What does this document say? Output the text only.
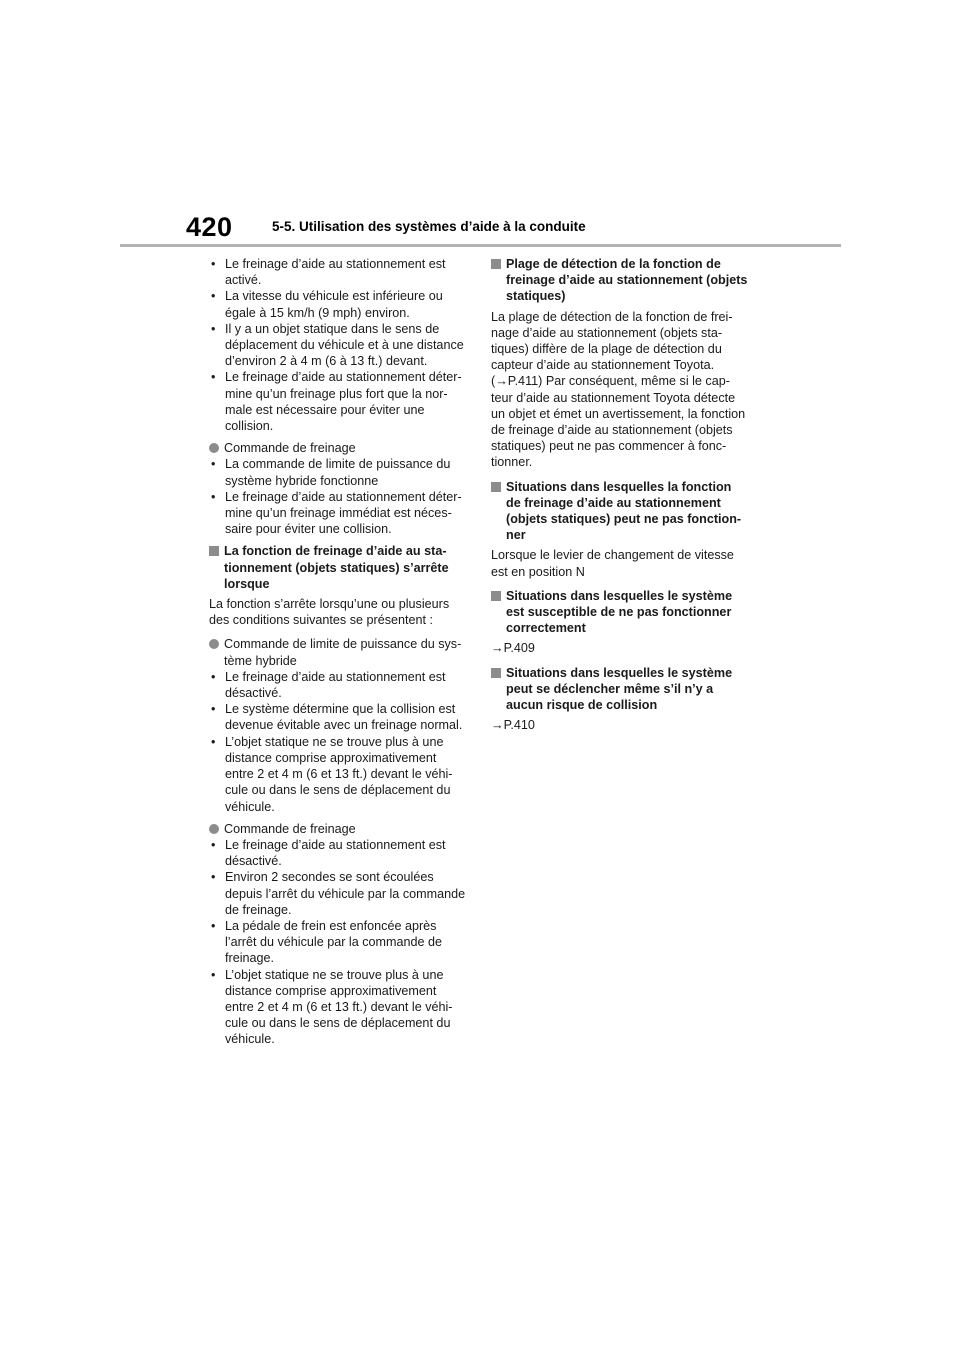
420	5-5. Utilisation des systèmes d’aide à la conduite
• Le freinage d’aide au stationnement est activé.
• La vitesse du véhicule est inférieure ou égale à 15 km/h (9 mph) environ.
• Il y a un objet statique dans le sens de déplacement du véhicule et à une distance d’environ 2 à 4 m (6 à 13 ft.) devant.
• Le freinage d’aide au stationnement déter-mine qu’un freinage plus fort que la nor-male est nécessaire pour éviter une collision.
Commande de freinage
• La commande de limite de puissance du système hybride fonctionne
• Le freinage d’aide au stationnement déter-mine qu’un freinage immédiat est néces-saire pour éviter une collision.
La fonction de freinage d’aide au sta-tionnement (objets statiques) s’arrête lorsque
La fonction s’arrête lorsqu’une ou plusieurs des conditions suivantes se présentent :
Commande de limite de puissance du sys-tème hybride
• Le freinage d’aide au stationnement est désactivé.
• Le système détermine que la collision est devenue évitable avec un freinage normal.
• L’objet statique ne se trouve plus à une distance comprise approximativement entre 2 et 4 m (6 et 13 ft.) devant le véhi-cule ou dans le sens de déplacement du véhicule.
Commande de freinage
• Le freinage d’aide au stationnement est désactivé.
• Environ 2 secondes se sont écoulées depuis l’arrêt du véhicule par la commande de freinage.
• La pédale de frein est enfoncée après l’arrêt du véhicule par la commande de freinage.
• L’objet statique ne se trouve plus à une distance comprise approximativement entre 2 et 4 m (6 et 13 ft.) devant le véhi-cule ou dans le sens de déplacement du véhicule.
Plage de détection de la fonction de freinage d’aide au stationnement (objets statiques)
La plage de détection de la fonction de frei-nage d’aide au stationnement (objets sta-tiques) diffère de la plage de détection du capteur d’aide au stationnement Toyota. (→P.411) Par conséquent, même si le cap-teur d’aide au stationnement Toyota détecte un objet et émet un avertissement, la fonction de freinage d’aide au stationnement (objets statiques) peut ne pas commencer à fonc-tionner.
Situations dans lesquelles la fonction de freinage d’aide au stationnement (objets statiques) peut ne pas fonction-ner
Lorsque le levier de changement de vitesse est en position N
Situations dans lesquelles le système est susceptible de ne pas fonctionner correctement
→P.409
Situations dans lesquelles le système peut se déclencher même s’il n’y a aucun risque de collision
→P.410
